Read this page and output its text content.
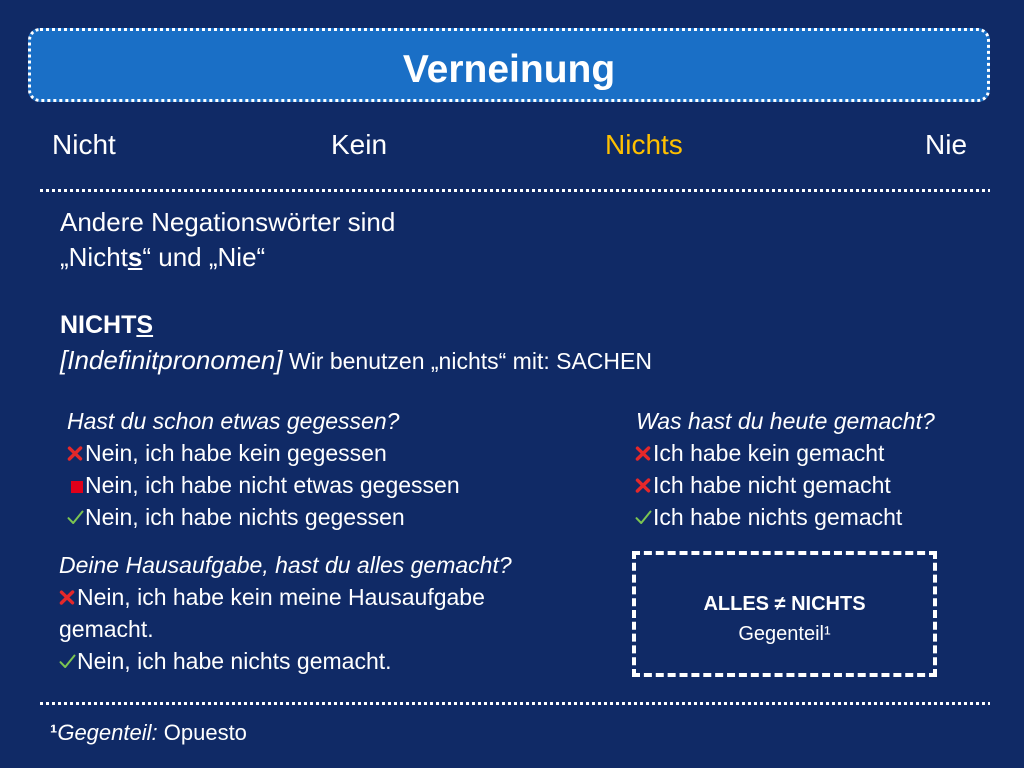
Verneinung
Nicht	Kein	Nichts	Nie
Andere Negationswörter sind
„Nichts“ und „Nie“
NICHTS
[Indefinitpronomen] Wir benutzen „nichts“ mit: SACHEN
Hast du schon etwas gegessen?
Nein, ich habe kein gegessen
Nein, ich habe nicht etwas gegessen
Nein, ich habe nichts gegessen
Was hast du heute gemacht?
Ich habe kein gemacht
Ich habe nicht gemacht
Ich habe nichts gemacht
Deine Hausaufgabe, hast du alles gemacht?
Nein, ich habe kein meine Hausaufgabe gemacht.
Nein, ich habe nichts gemacht.
ALLES ≠ NICHTS
Gegenteil¹
¹Gegenteil: Opuesto
